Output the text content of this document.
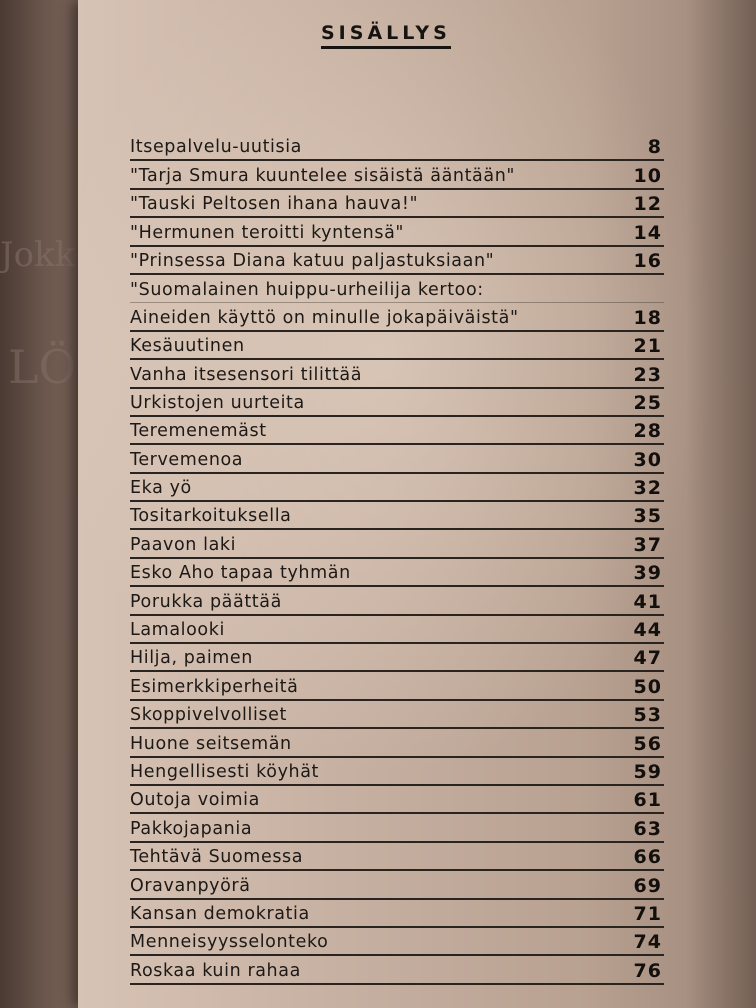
Jokk
LÖ
SISÄLLYS
Itsepalvelu-uutisia	8
"Tarja Smura kuuntelee sisäistä ääntään"	10
"Tauski Peltosen ihana hauva!"	12
"Hermunen teroitti kyntensä"	14
"Prinsessa Diana katuu paljastuksiaan"	16
"Suomalainen huippu-urheilija kertoo:
Aineiden käyttö on minulle jokapäiväistä"	18
Kesäuutinen	21
Vanha itsesensori tilittää	23
Urkistojen uurteita	25
Teremenemäst	28
Tervemenoa	30
Eka yö	32
Tositarkoituksella	35
Paavon laki	37
Esko Aho tapaa tyhmän	39
Porukka päättää	41
Lamalooki	44
Hilja, paimen	47
Esimerkkiperheitä	50
Skoppivelvolliset	53
Huone seitsemän	56
Hengellisesti köyhät	59
Outoja voimia	61
Pakkojapania	63
Tehtävä Suomessa	66
Oravanpyörä	69
Kansan demokratia	71
Menneisyysselonteko	74
Roskaa kuin rahaa	76
